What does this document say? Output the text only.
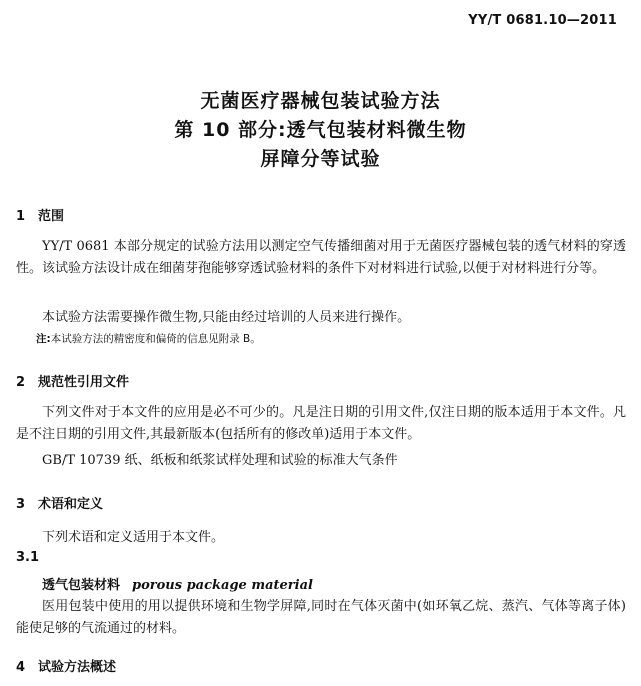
YY/T 0681.10—2011
无菌医疗器械包装试验方法
第 10 部分:透气包装材料微生物
屏障分等试验
1 范围

YY/T 0681 本部分规定的试验方法用以测定空气传播细菌对用于无菌医疗器械包装的透气材料的穿透性。该试验方法设计成在细菌芽孢能够穿透试验材料的条件下对材料进行试验,以便于对材料进行分等。

本试验方法需要操作微生物,只能由经过培训的人员来进行操作。
注:本试验方法的精密度和偏倚的信息见附录 B。
2 规范性引用文件

下列文件对于本文件的应用是必不可少的。凡是注日期的引用文件,仅注日期的版本适用于本文件。凡是不注日期的引用文件,其最新版本(包括所有的修改单)适用于本文件。

GB/T 10739 纸、纸板和纸浆试样处理和试验的标准大气条件
3 术语和定义
下列术语和定义适用于本文件。
3.1
透气包装材料 porous package material

医用包装中使用的用以提供环境和生物学屏障,同时在气体灭菌中(如环氧乙烷、蒸汽、气体等离子体)能使足够的气流通过的材料。

4 试验方法概述
